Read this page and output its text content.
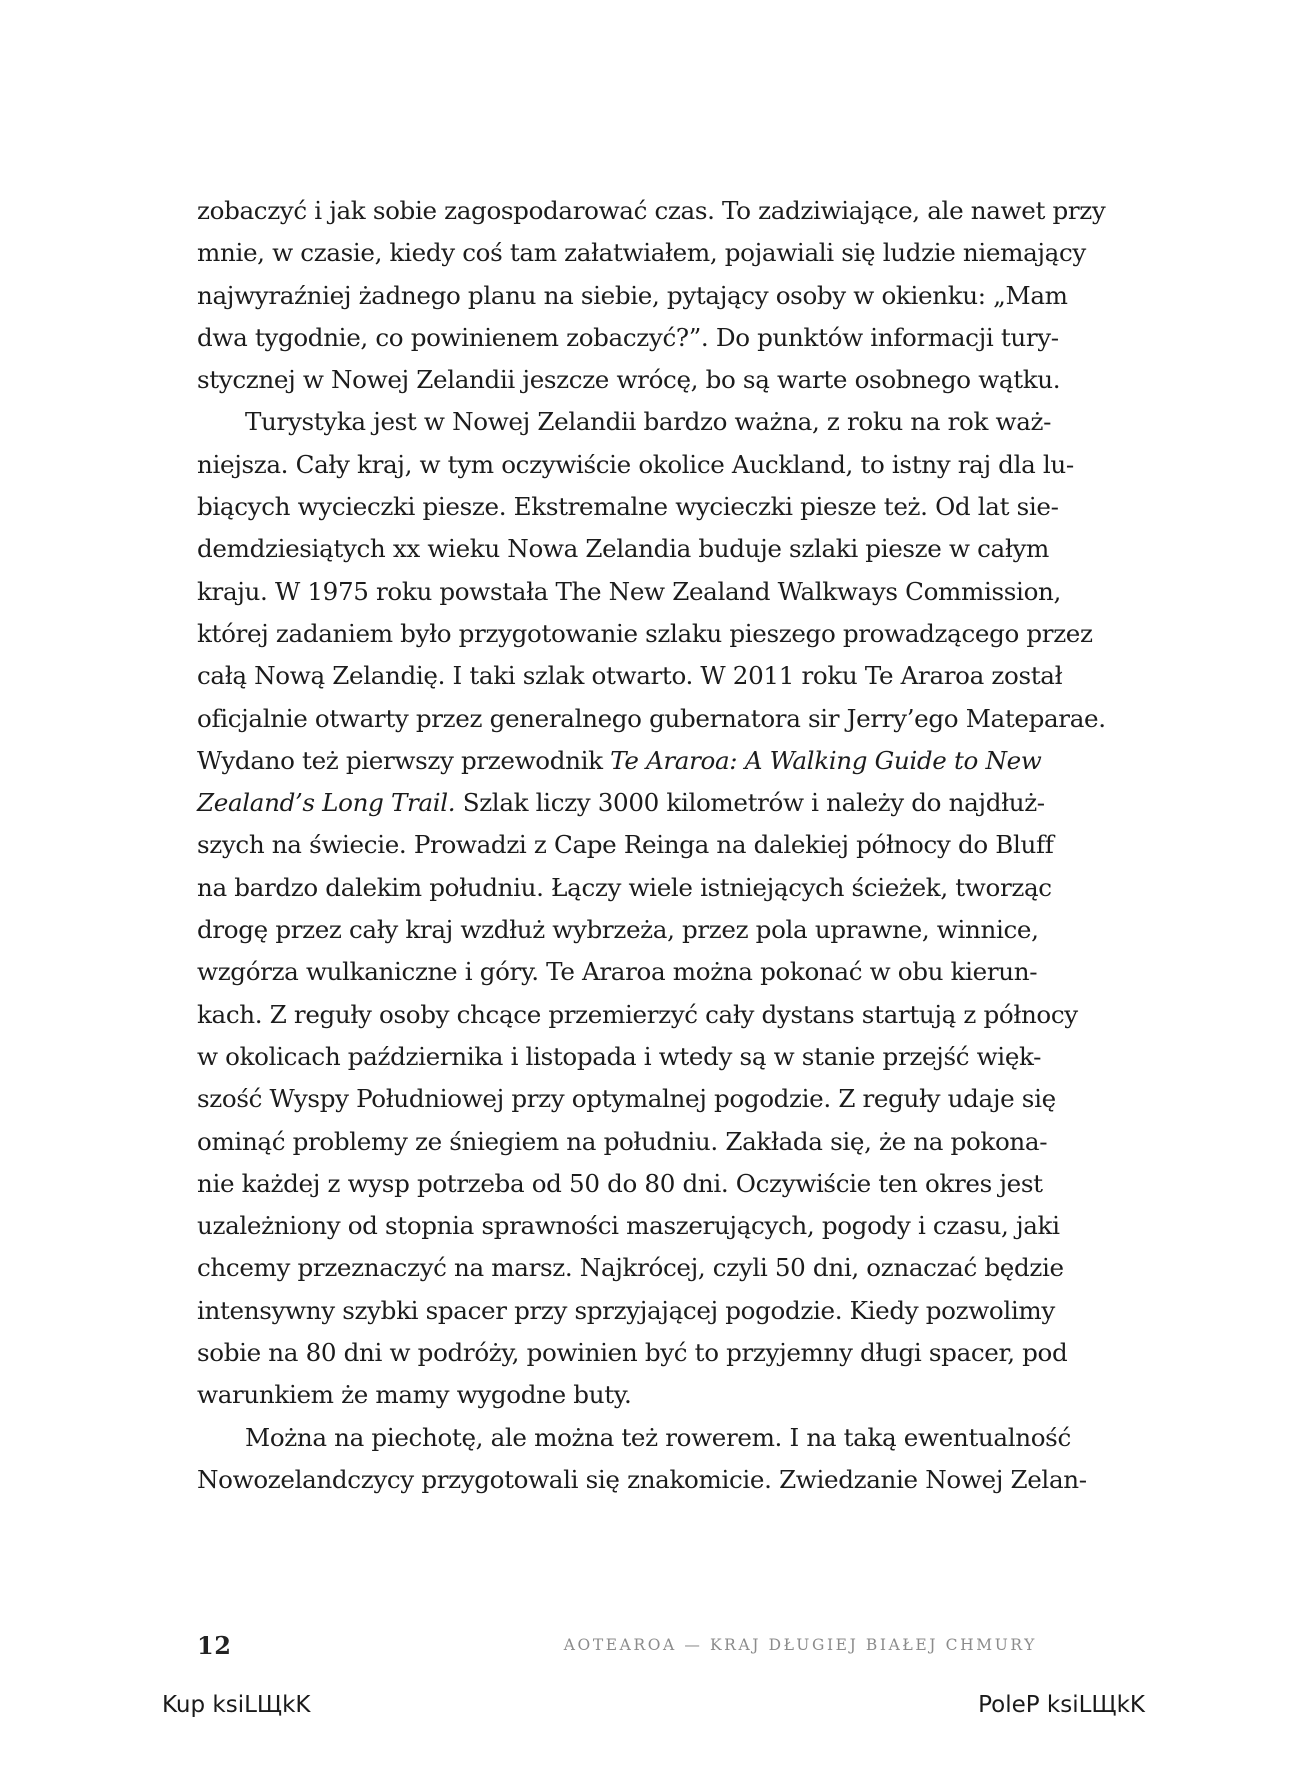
zobaczyć i jak sobie zagospodarować czas. To zadziwiające, ale nawet przy
mnie, w czasie, kiedy coś tam załatwiałem, pojawiali się ludzie niemający
najwyraźniej żadnego planu na siebie, pytający osoby w okienku: „Mam
dwa tygodnie, co powinienem zobaczyć?”. Do punktów informacji tury-
stycznej w Nowej Zelandii jeszcze wrócę, bo są warte osobnego wątku.
Turystyka jest w Nowej Zelandii bardzo ważna, z roku na rok waż-
niejsza. Cały kraj, w tym oczywiście okolice Auckland, to istny raj dla lu-
biących wycieczki piesze. Ekstremalne wycieczki piesze też. Od lat sie-
demdziesiątych xx wieku Nowa Zelandia buduje szlaki piesze w całym
kraju. W 1975 roku powstała The New Zealand Walkways Commission,
której zadaniem było przygotowanie szlaku pieszego prowadzącego przez
całą Nową Zelandię. I taki szlak otwarto. W 2011 roku Te Araroa został
oficjalnie otwarty przez generalnego gubernatora sir Jerry’ego Mateparae.
Wydano też pierwszy przewodnik Te Araroa: A Walking Guide to New
Zealand’s Long Trail. Szlak liczy 3000 kilometrów i należy do najdłuż-
szych na świecie. Prowadzi z Cape Reinga na dalekiej północy do Bluff
na bardzo dalekim południu. Łączy wiele istniejących ścieżek, tworząc
drogę przez cały kraj wzdłuż wybrzeża, przez pola uprawne, winnice,
wzgórza wulkaniczne i góry. Te Araroa można pokonać w obu kierun-
kach. Z reguły osoby chcące przemierzyć cały dystans startują z północy
w okolicach października i listopada i wtedy są w stanie przejść więk-
szość Wyspy Południowej przy optymalnej pogodzie. Z reguły udaje się
ominąć problemy ze śniegiem na południu. Zakłada się, że na pokona-
nie każdej z wysp potrzeba od 50 do 80 dni. Oczywiście ten okres jest
uzależniony od stopnia sprawności maszerujących, pogody i czasu, jaki
chcemy przeznaczyć na marsz. Najkrócej, czyli 50 dni, oznaczać będzie
intensywny szybki spacer przy sprzyjającej pogodzie. Kiedy pozwolimy
sobie na 80 dni w podróży, powinien być to przyjemny długi spacer, pod
warunkiem że mamy wygodne buty.
Można na piechotę, ale można też rowerem. I na taką ewentualność
Nowozelandczycy przygotowali się znakomicie. Zwiedzanie Nowej Zelan-
12	AOTEAROA — KRAJ DŁUGIEJ BIAŁEJ CHMURY
Kup ksiLЩkK	PoleP ksiLЩkK
